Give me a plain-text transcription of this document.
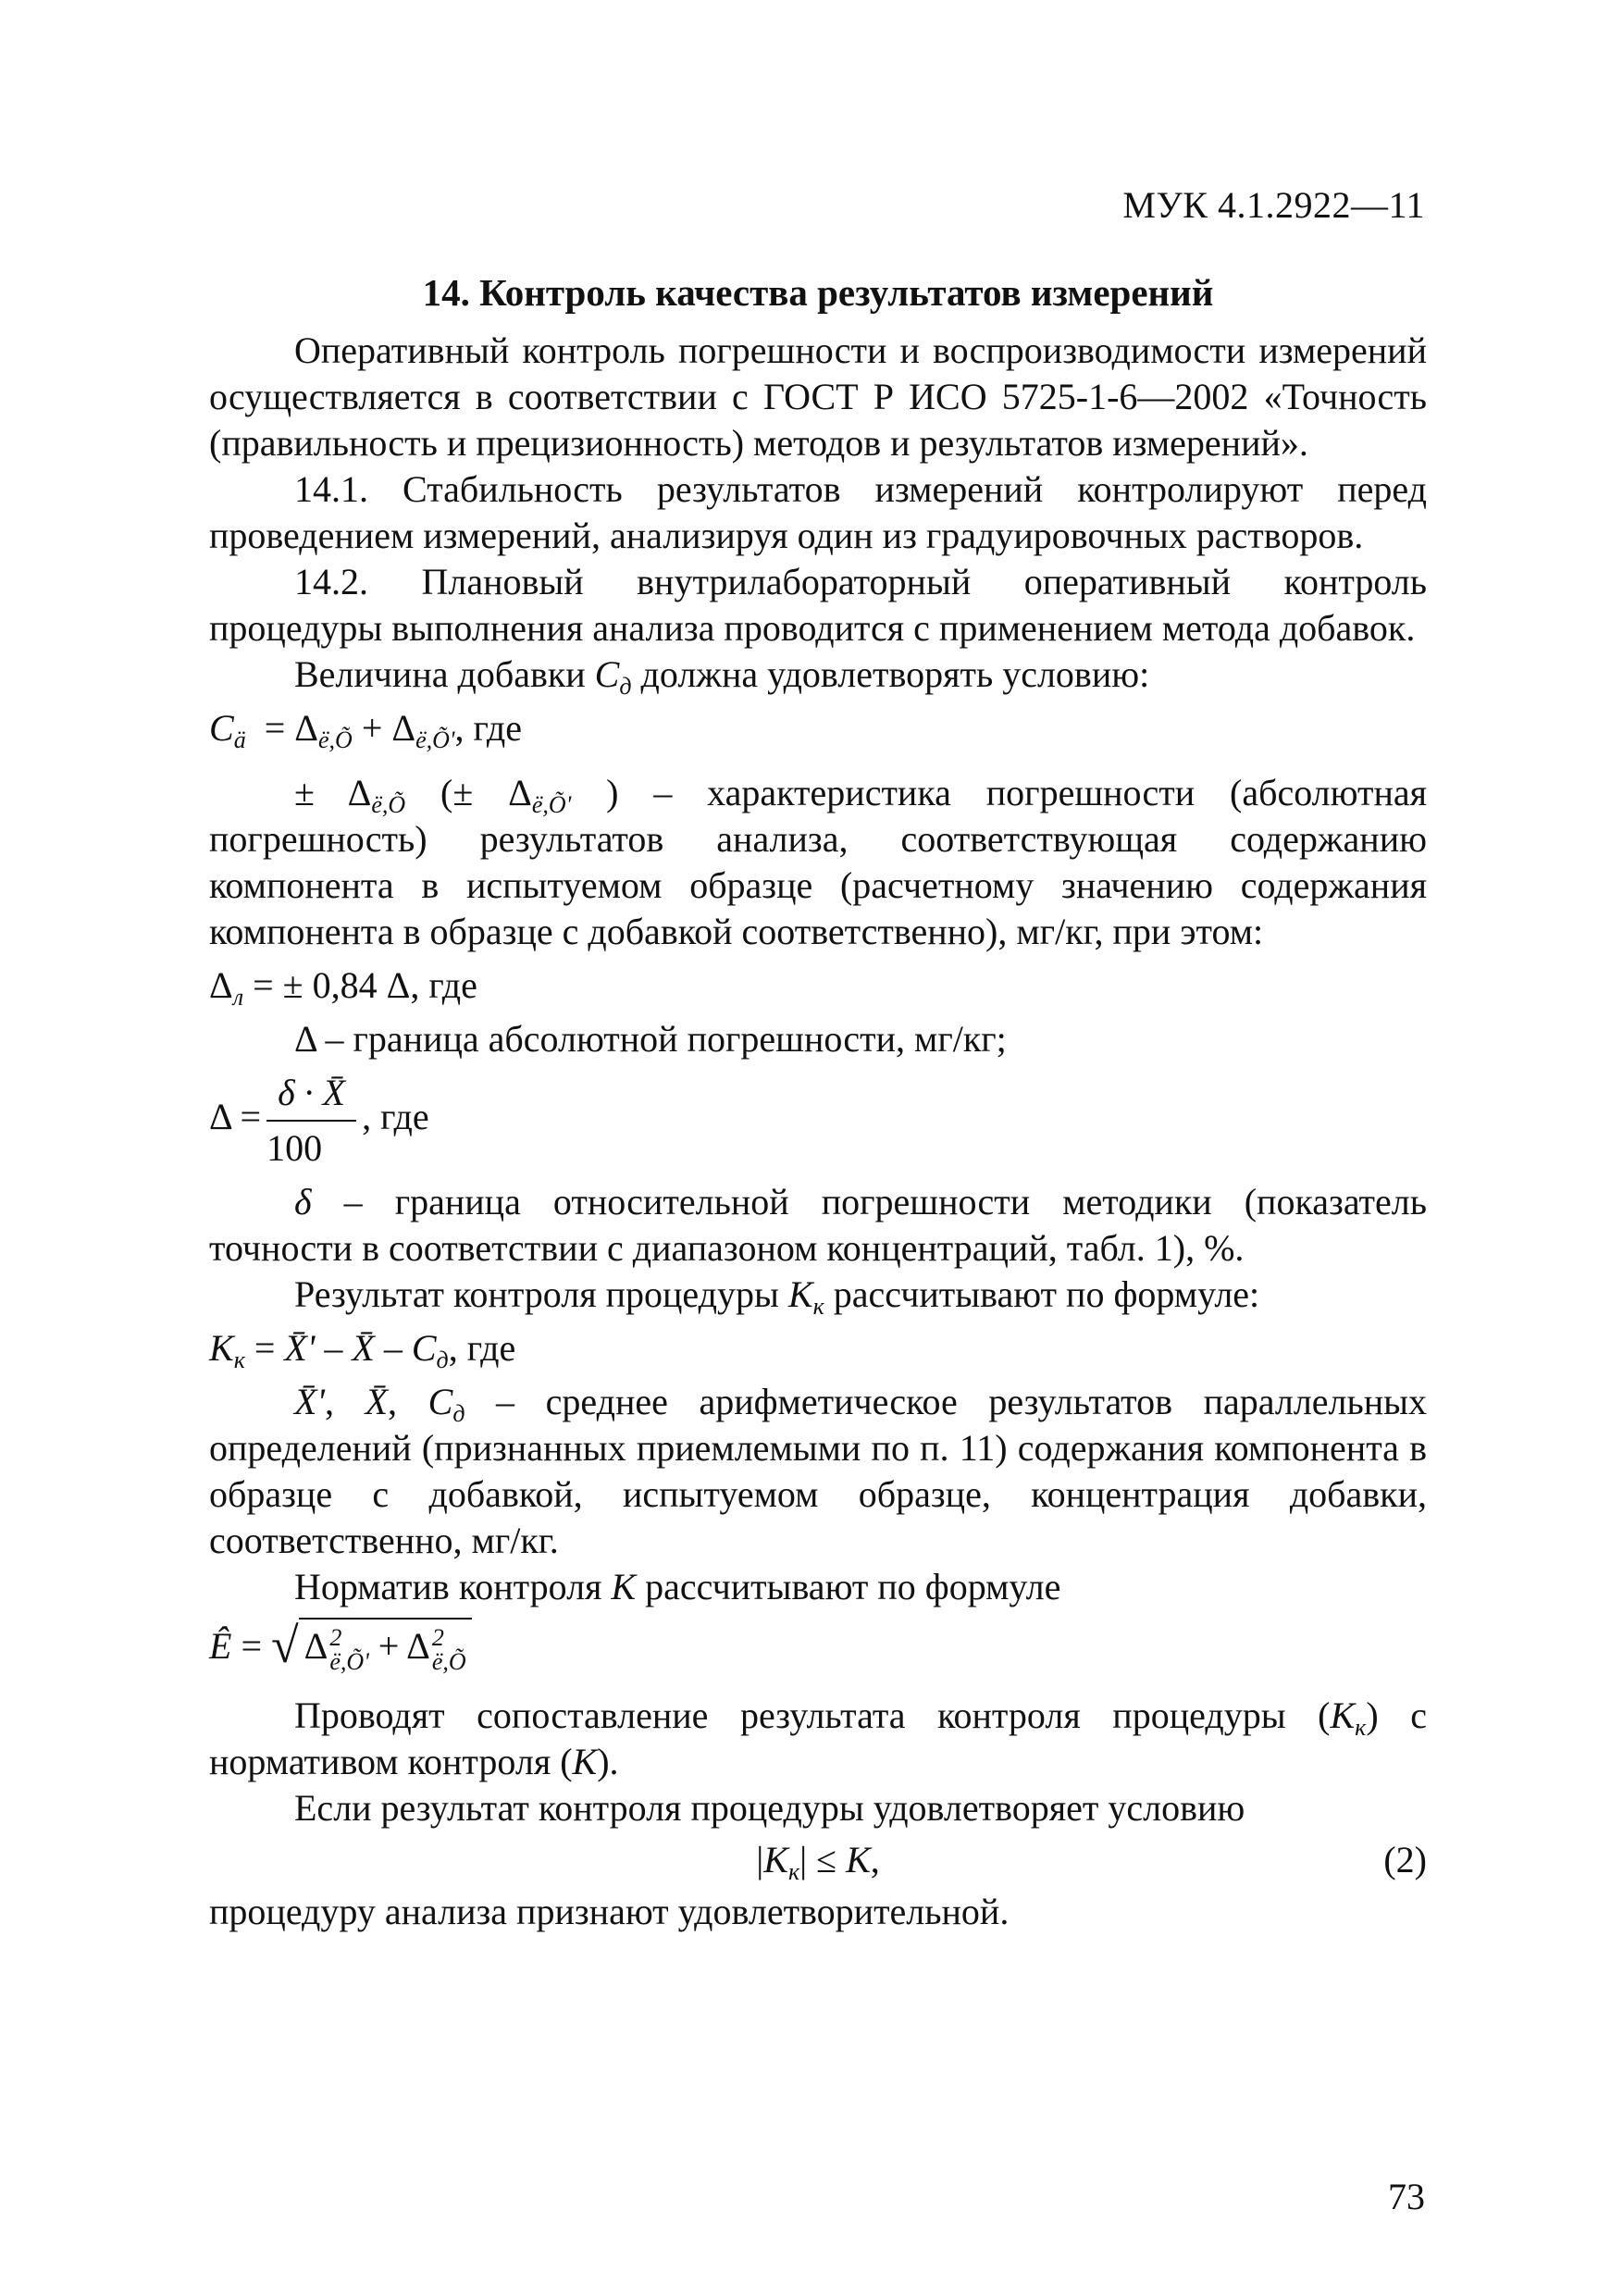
МУК 4.1.2922—11
14. Контроль качества результатов измерений

Оперативный контроль погрешности и воспроизводимости измерений осуществляется в соответствии с ГОСТ Р ИСО 5725-1-6—2002 «Точность (правильность и прецизионность) методов и результатов измерений».

14.1. Стабильность результатов измерений контролируют перед проведением измерений, анализируя один из градуировочных растворов.

14.2. Плановый внутрилабораторный оперативный контроль процедуры выполнения анализа проводится с применением метода добавок.

Величина добавки $C_д$ должна удовлетворять условию:

$C_ä = \Delta_{ë,Õ} + \Delta_{ë,Õ'}$, где

± $\Delta_{ë,Õ}$ (± $\Delta_{ë,Õ'}$ ) – характеристика погрешности (абсолютная погрешность) результатов анализа, соответствующая содержанию компонента в испытуемом образце (расчетному значению содержания компонента в образце с добавкой соответственно), мг/кг, при этом:

$\Delta_л$ = ± 0,84 Δ, где

Δ – граница абсолютной погрешности, мг/кг;

$\Delta = \frac{\delta \cdot X̄}{100}$ , где

δ – граница относительной погрешности методики (показатель точности в соответствии с диапазоном концентраций, табл. 1), %.

Результат контроля процедуры $K_к$ рассчитывают по формуле:

$K_к$ = X̄' – X̄ – $C_д$, где

X̄', X̄, $C_д$ – среднее арифметическое результатов параллельных определений (признанных приемлемыми по п. 11) содержания компонента в образце с добавкой, испытуемом образце, концентрация добавки, соответственно, мг/кг.

Норматив контроля K рассчитывают по формуле

Ê = √ Δ 2
ë,Õ' + Δ 2
ë,Õ

Проводят сопоставление результата контроля процедуры $(K_к)$ с нормативом контроля (K).

Если результат контроля процедуры удовлетворяет условию

$|K_к| \le K$,	(2)

процедуру анализа признают удовлетворительной.

73
